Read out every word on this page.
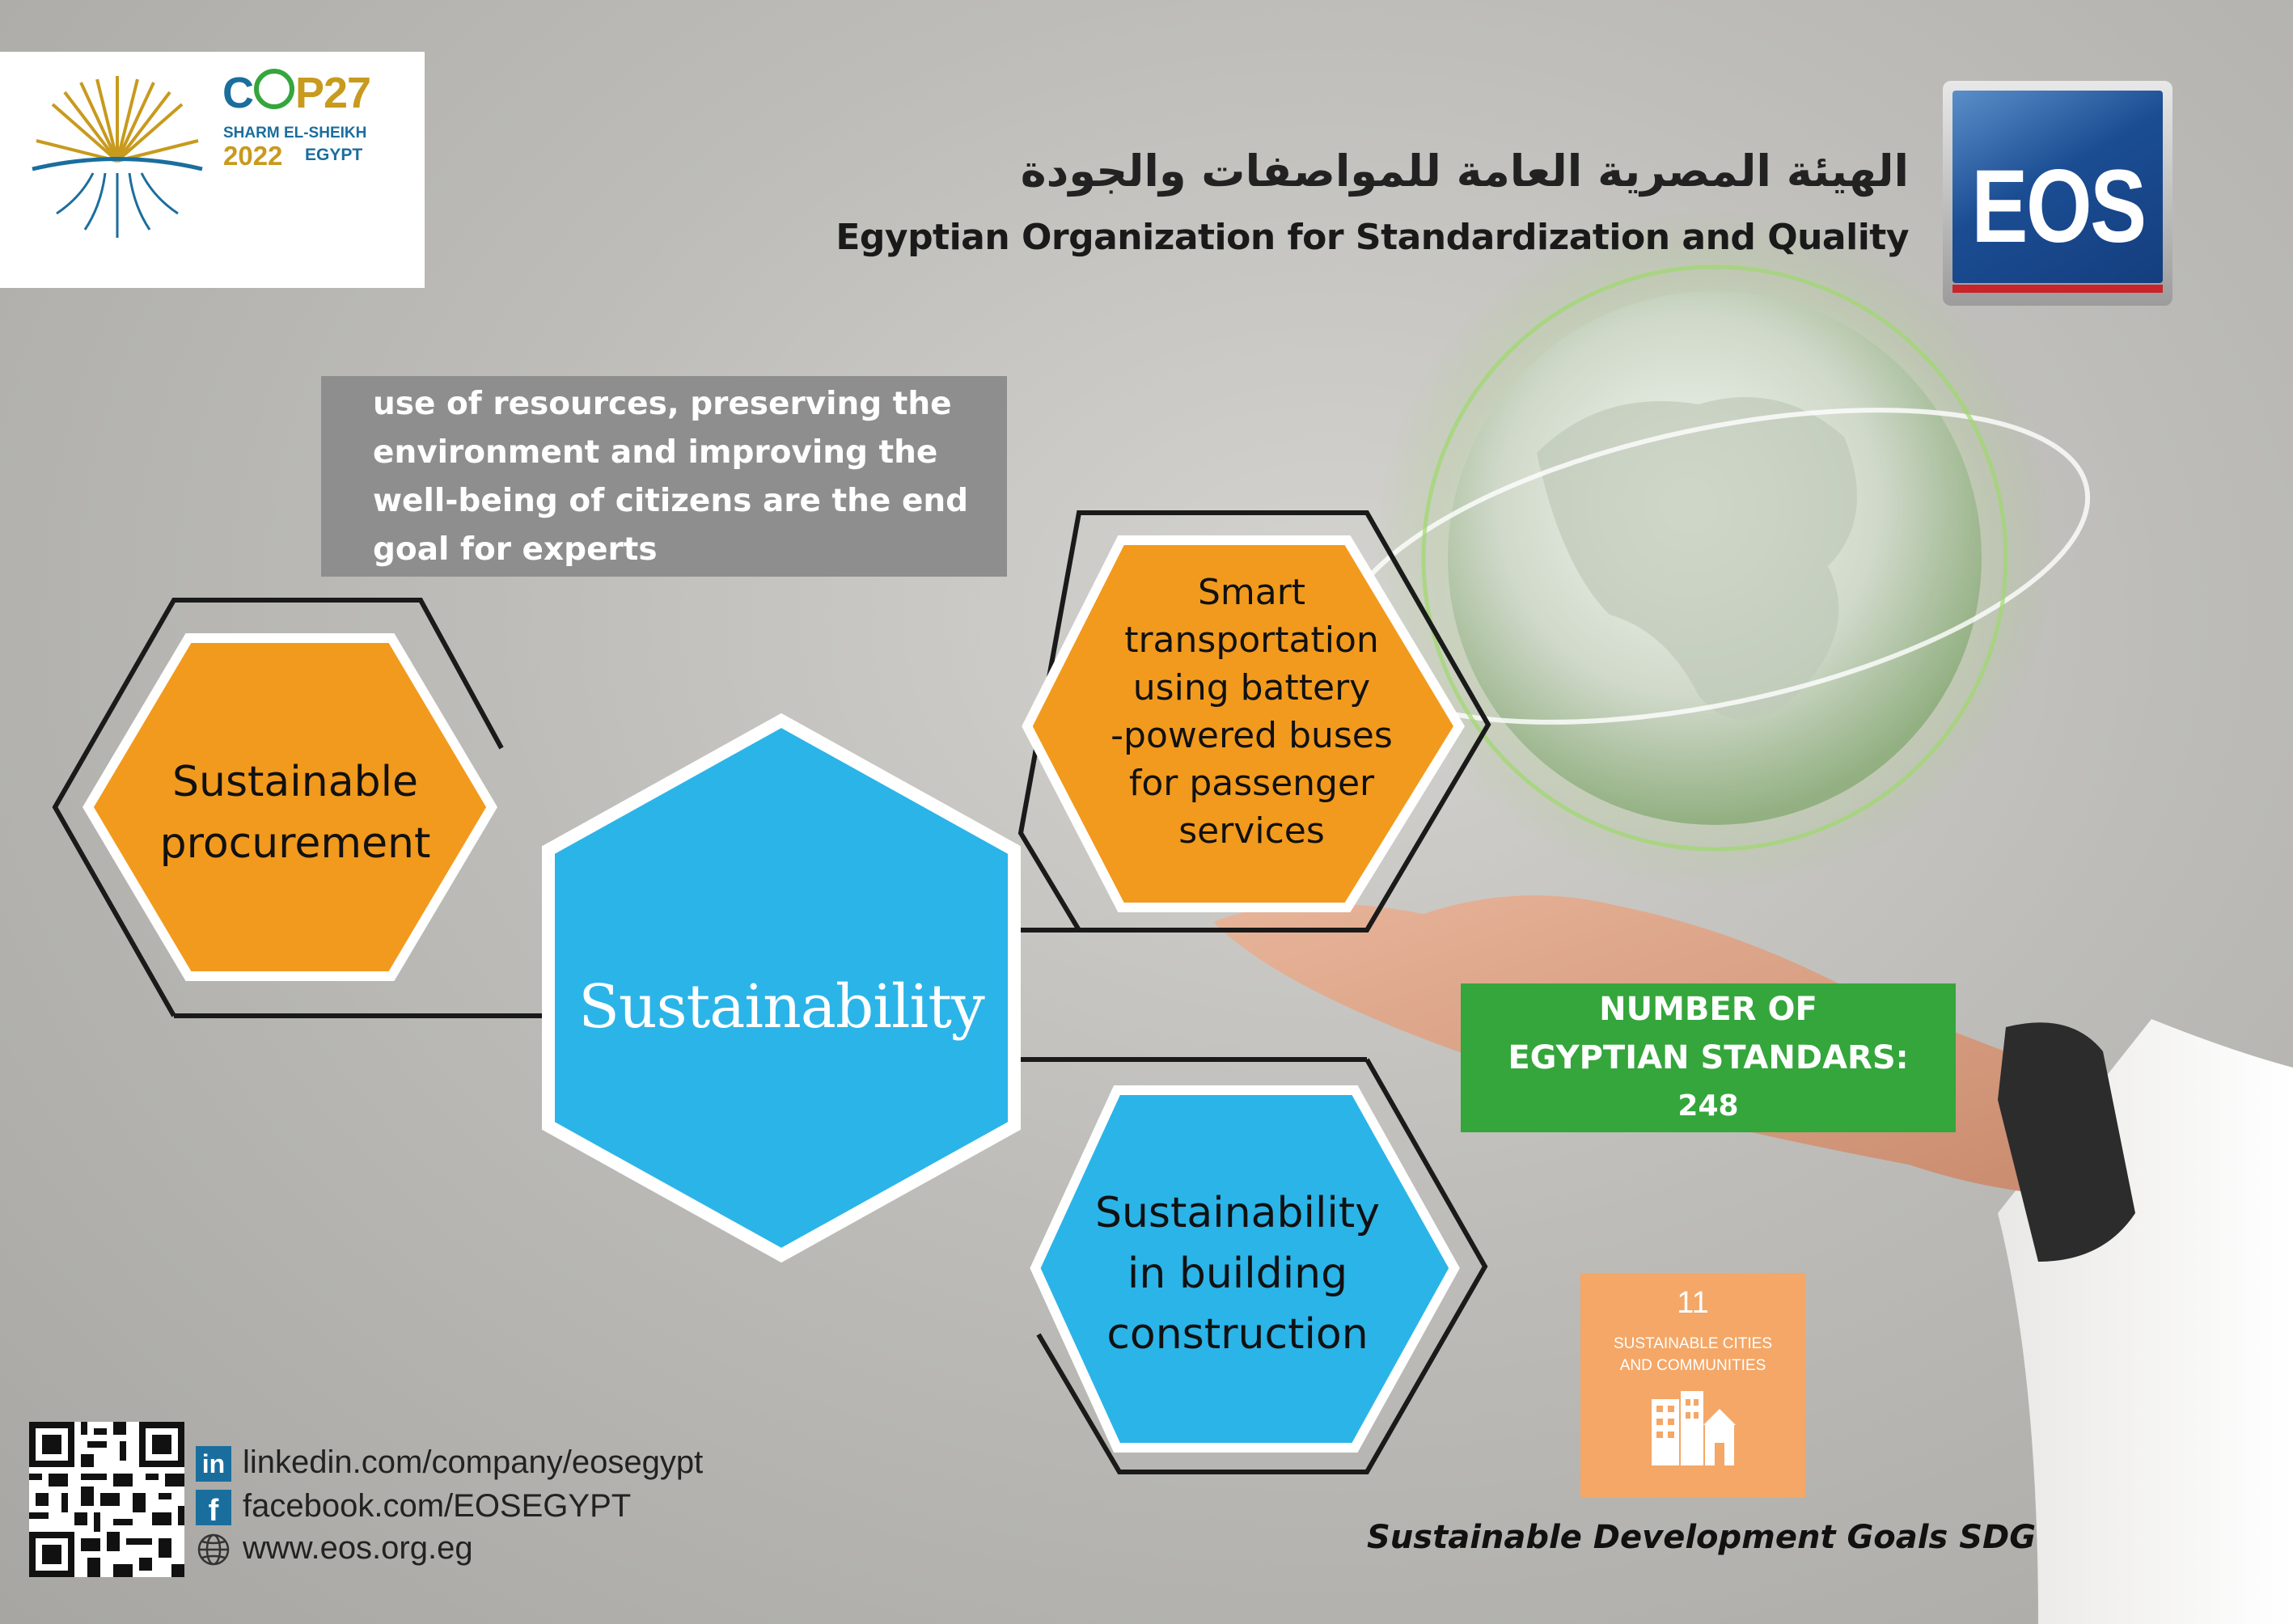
C P27
SHARM EL-SHEIKH
2022 EGYPT	الهيئة المصرية العامة للمواصفات والجودة
Egyptian Organization for Standardization and Quality EOS
use of resources, preserving the
environment and improving the
well-being of citizens are the end
goal for experts
Sustainable
procurement
Sustainability
Smart
transportation
using battery
-powered buses
for passenger
services
Sustainability
in building
construction
NUMBER OF
EGYPTIAN STANDARS:
248
11
SUSTAINABLE CITIES
AND COMMUNITIES
Sustainable Development Goals SDG
in
f
linkedin.com/company/eosegypt
facebook.com/EOSEGYPT
www.eos.org.eg
